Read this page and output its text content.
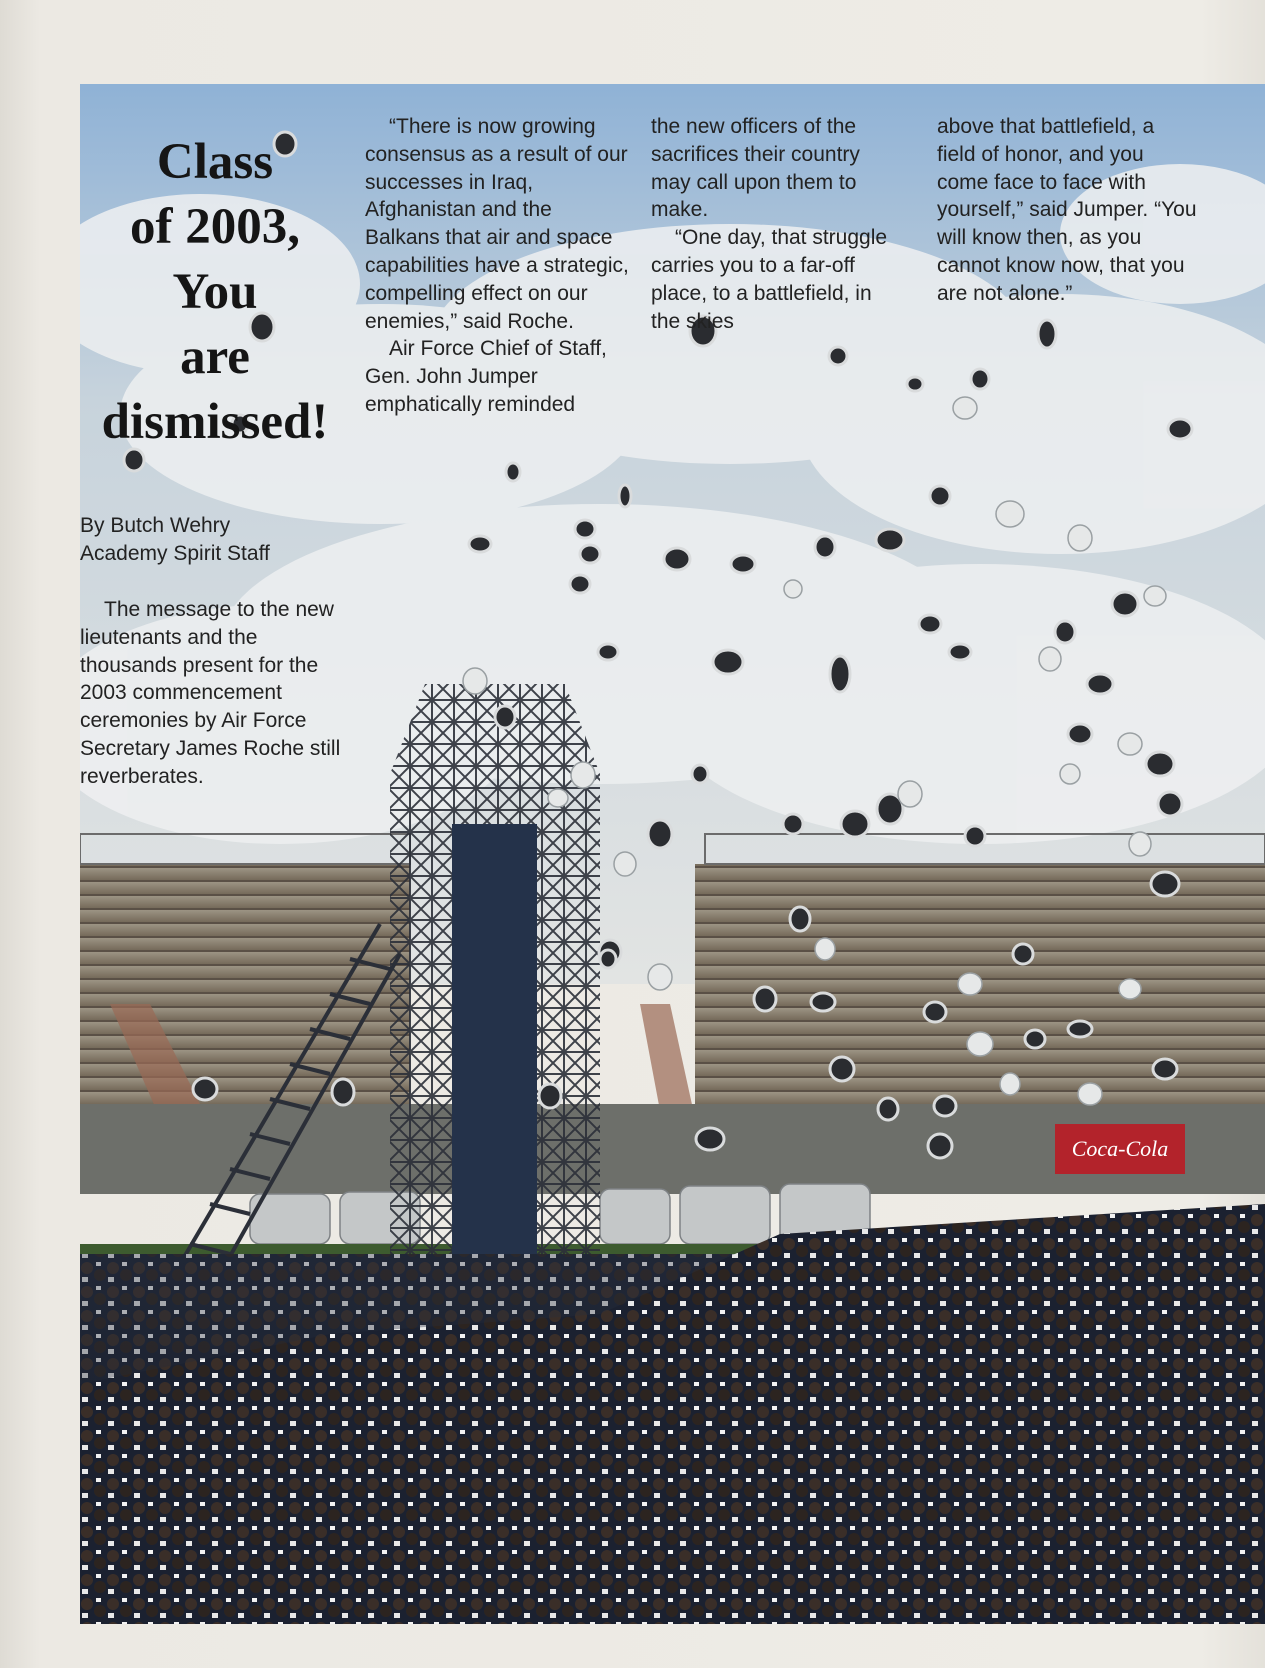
Coca-Cola
Class
of 2003,
You
are
dismissed!
By Butch Wehry
Academy Spirit Staff

The message to the new lieutenants and the thousands present for the 2003 commencement ceremonies by Air Force Secretary James Roche still reverberates.

“There is now growing consensus as a result of our successes in Iraq, Afghanistan and the Balkans that air and space capabilities have a strategic, compelling effect on our enemies,” said Roche.

Air Force Chief of Staff, Gen. John Jumper emphatically reminded

the new officers of the sacrifices their country may call upon them to make.

“One day, that struggle carries you to a far-off place, to a battlefield, in the skies

above that battlefield, a field of honor, and you come face to face with yourself,” said Jumper. “You will know then, as you cannot know now, that you are not alone.”
